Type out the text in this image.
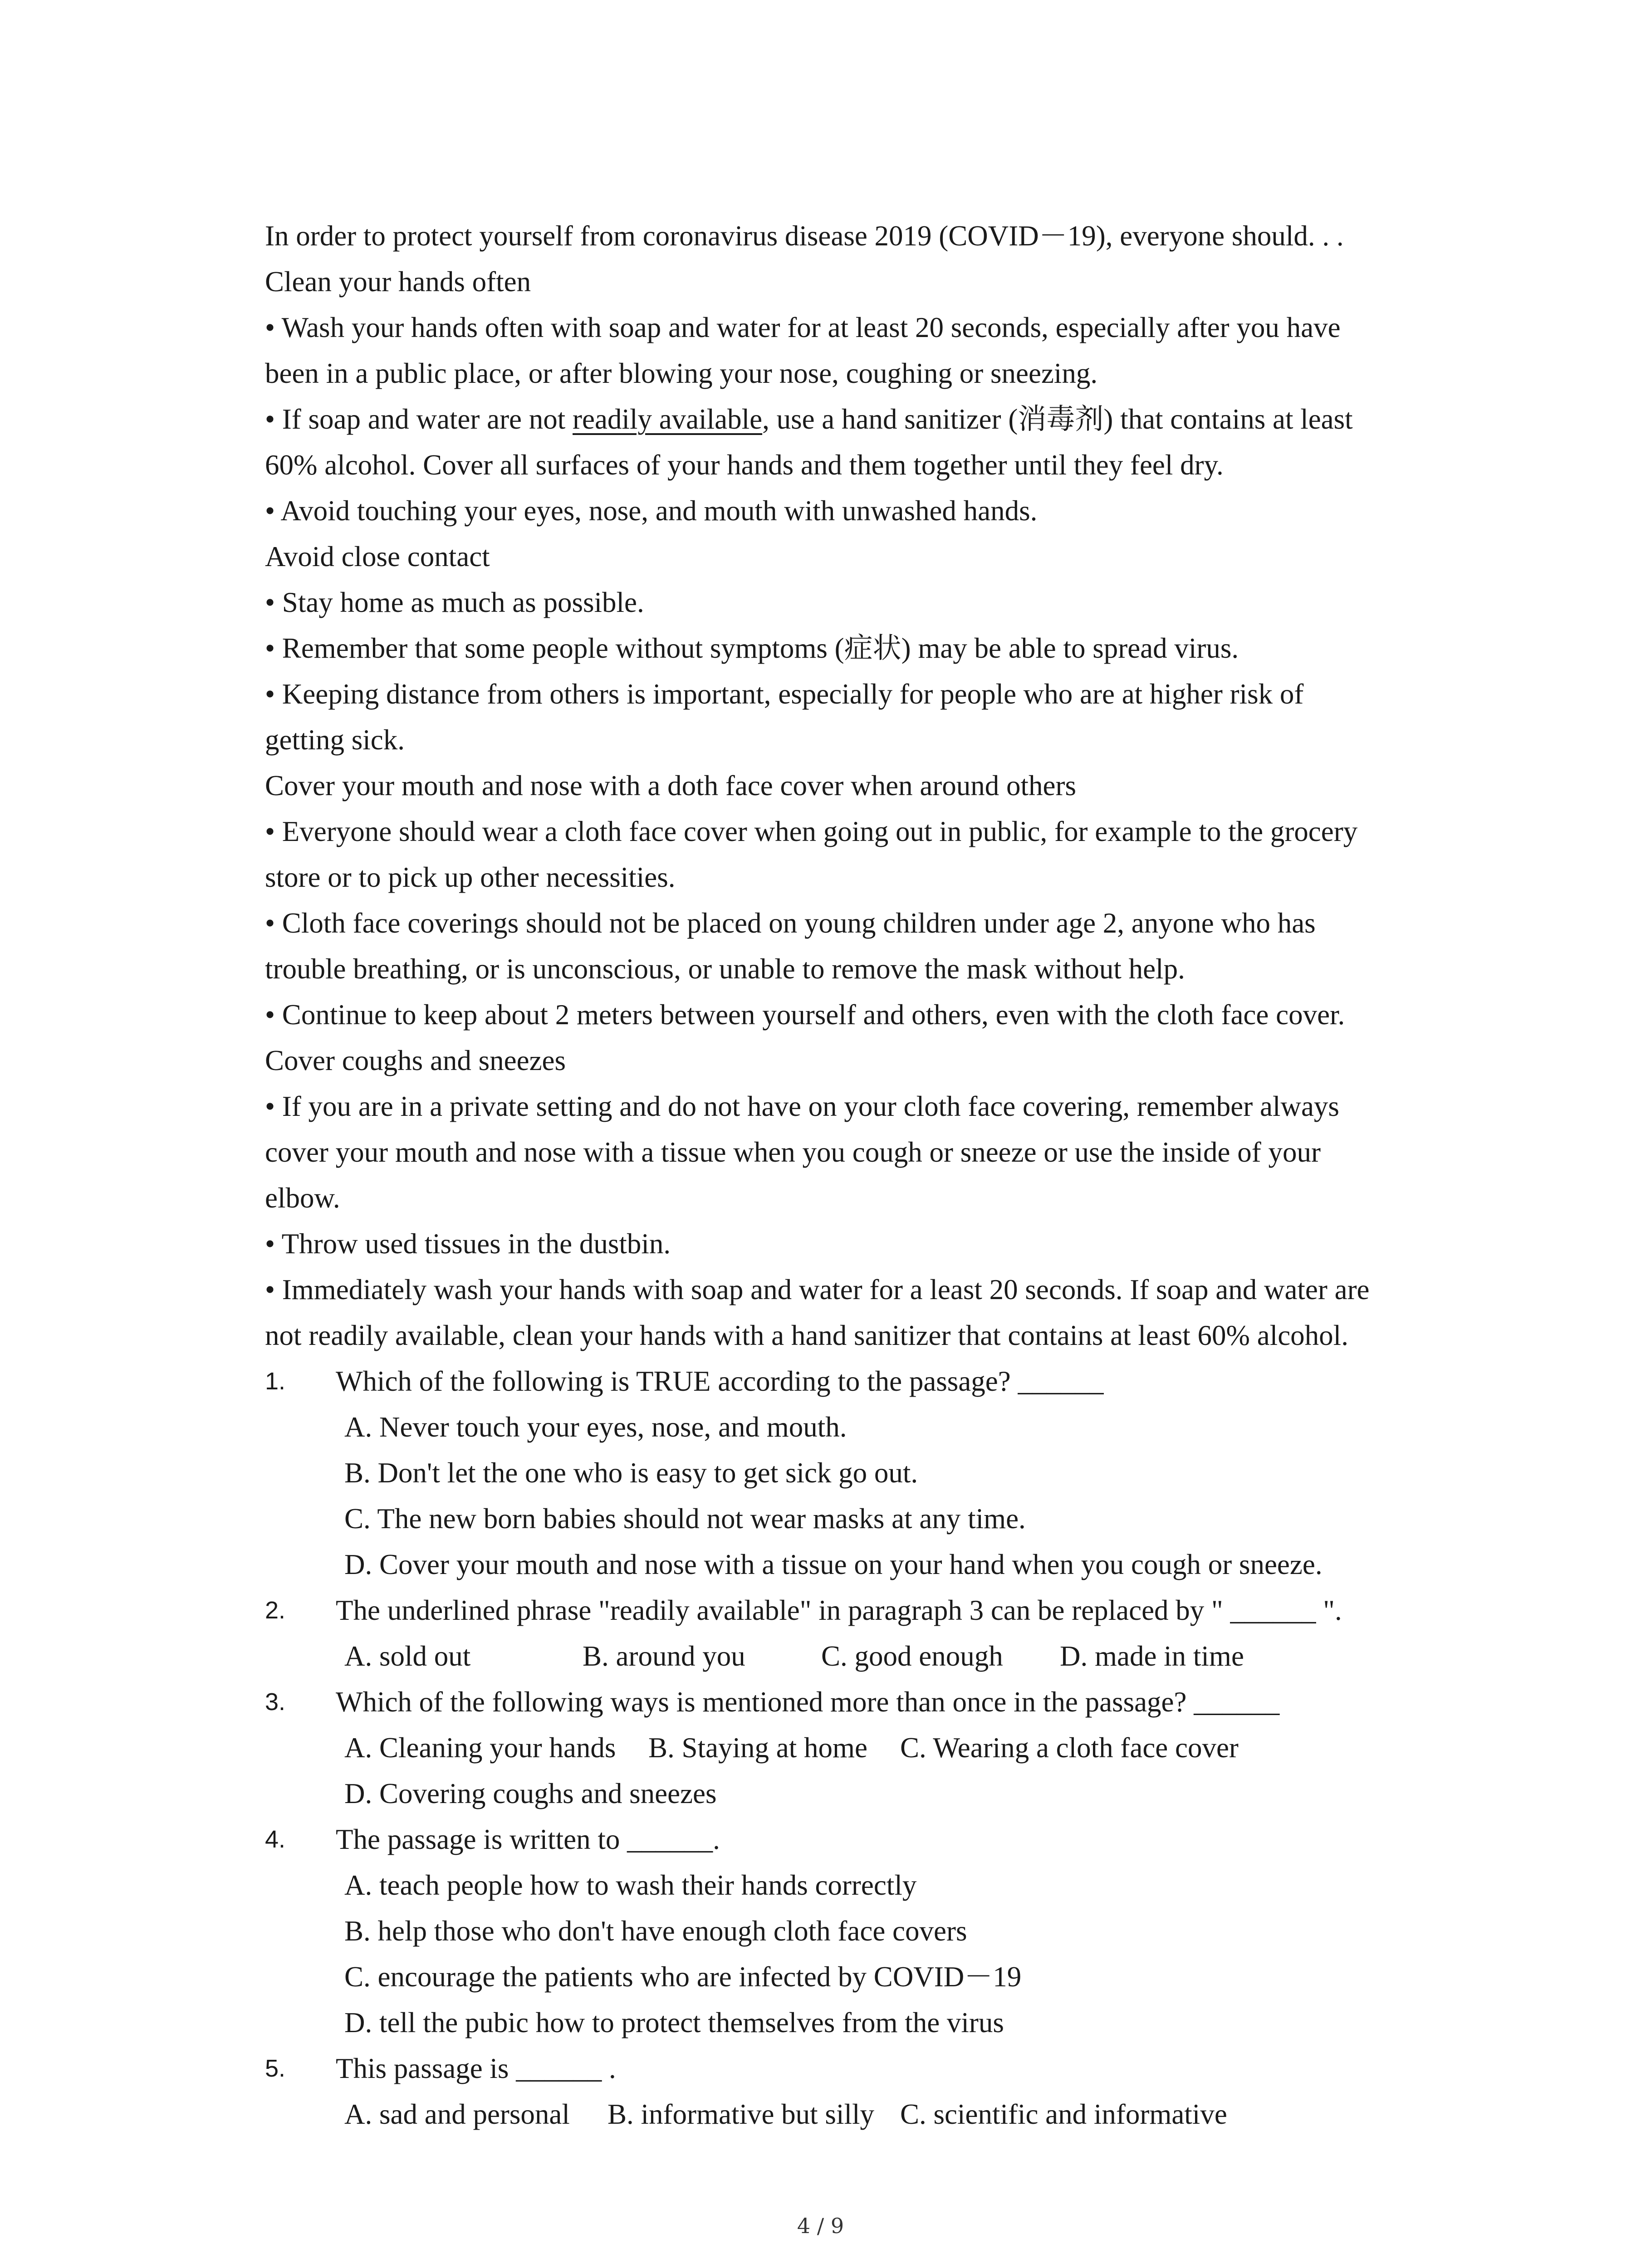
In order to protect yourself from coronavirus disease 2019 (COVID－19), everyone should. . .
Clean your hands often
• Wash your hands often with soap and water for at least 20 seconds, especially after you have
been in a public place, or after blowing your nose, coughing or sneezing.
• If soap and water are not readily available, use a hand sanitizer (消毒剂) that contains at least
60% alcohol. Cover all surfaces of your hands and them together until they feel dry.
• Avoid touching your eyes, nose, and mouth with unwashed hands.
Avoid close contact
• Stay home as much as possible.
• Remember that some people without symptoms (症状) may be able to spread virus.
• Keeping distance from others is important, especially for people who are at higher risk of
getting sick.
Cover your mouth and nose with a doth face cover when around others
• Everyone should wear a cloth face cover when going out in public, for example to the grocery
store or to pick up other necessities.
• Cloth face coverings should not be placed on young children under age 2, anyone who has
trouble breathing, or is unconscious, or unable to remove the mask without help.
• Continue to keep about 2 meters between yourself and others, even with the cloth face cover.
Cover coughs and sneezes
• If you are in a private setting and do not have on your cloth face covering, remember always
cover your mouth and nose with a tissue when you cough or sneeze or use the inside of your
elbow.
• Throw used tissues in the dustbin.
• Immediately wash your hands with soap and water for a least 20 seconds. If soap and water are
not readily available, clean your hands with a hand sanitizer that contains at least 60% alcohol.
1. Which of the following is TRUE according to the passage? ______
A. Never touch your eyes, nose, and mouth.
B. Don't let the one who is easy to get sick go out.
C. The new born babies should not wear masks at any time.
D. Cover your mouth and nose with a tissue on your hand when you cough or sneeze.
2. The underlined phrase "readily available" in paragraph 3 can be replaced by " ______ ".
A. sold out	B. around you	C. good enough D. made in time
3. Which of the following ways is mentioned more than once in the passage? ______
A. Cleaning your hands B. Staying at home C. Wearing a cloth face cover
D. Covering coughs and sneezes
4. The passage is written to ______.
A. teach people how to wash their hands correctly
B. help those who don't have enough cloth face covers
C. encourage the patients who are infected by COVID－19
D. tell the pubic how to protect themselves from the virus
5. This passage is ______ .
A. sad and personal B. informative but silly C. scientific and informative
4 / 9
